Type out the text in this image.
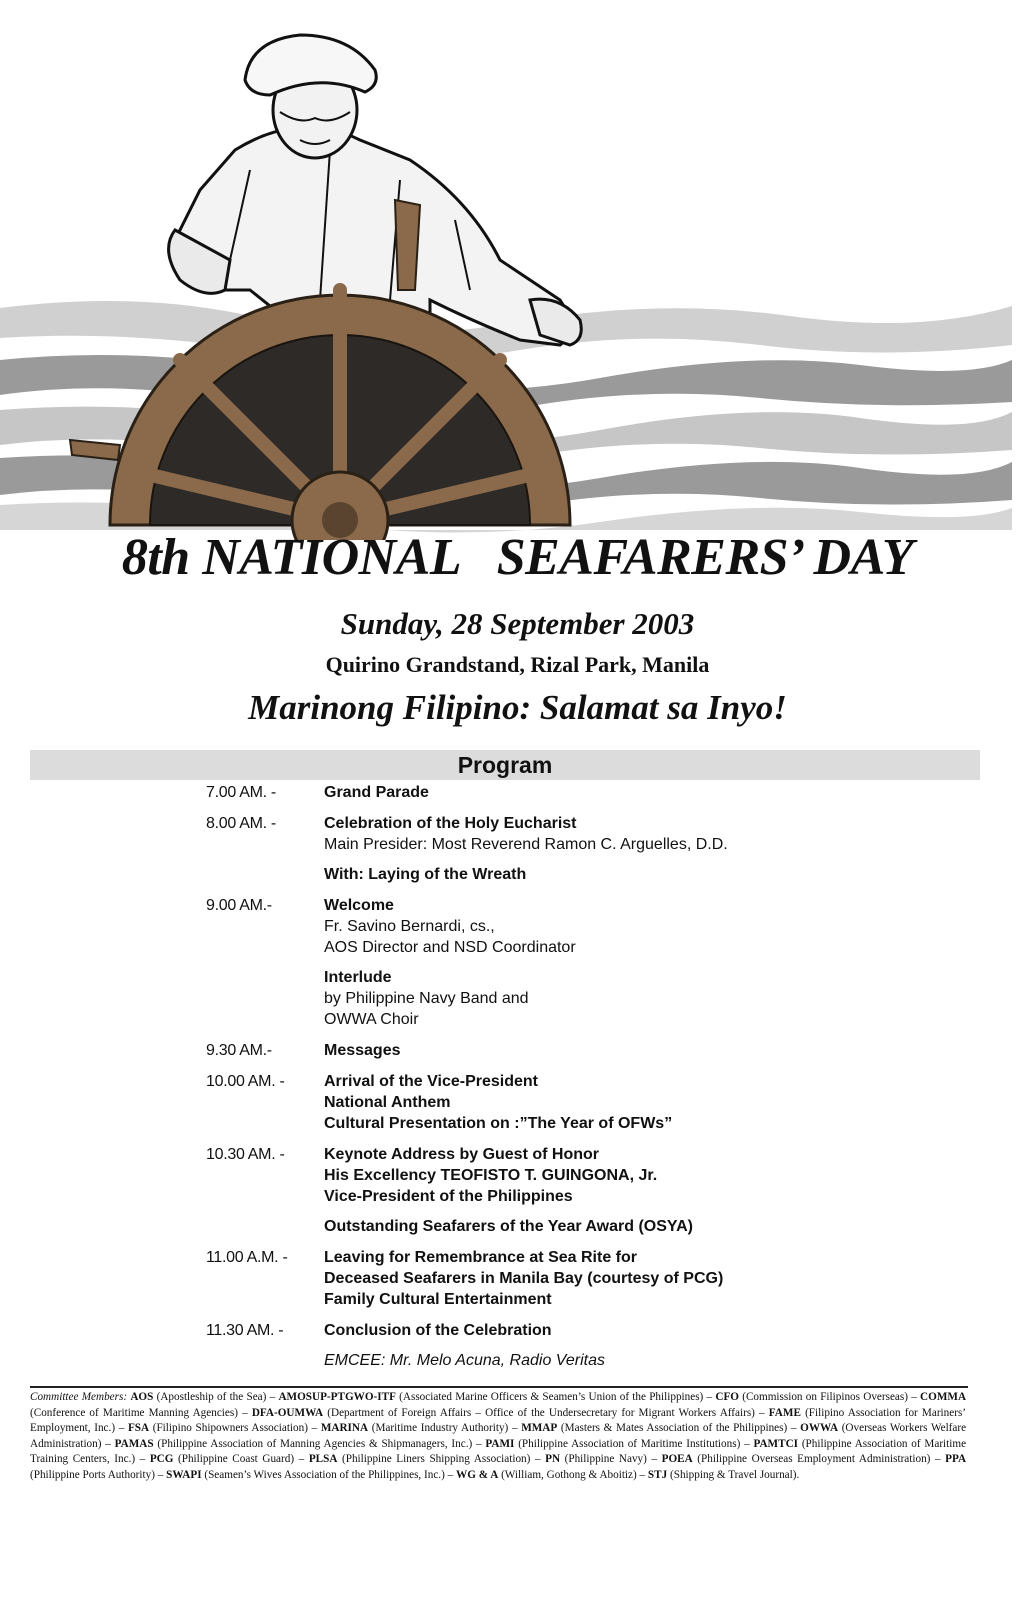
8th NATIONAL   SEAFARERS’ DAY
Sunday, 28 September 2003
Quirino Grandstand, Rizal Park, Manila
Marinong Filipino: Salamat sa Inyo!
Program
7.00 AM. -	Grand Parade
8.00 AM. -	Celebration of the Holy Eucharist
Main Presider: Most Reverend Ramon C. Arguelles, D.D.
With: Laying of the Wreath
9.00 AM.-	Welcome
Fr. Savino Bernardi, cs.,
AOS Director and NSD Coordinator
Interlude
by Philippine Navy Band and
OWWA Choir
9.30 AM.-	Messages
10.00 AM. - Arrival of the Vice-President
National Anthem
Cultural Presentation on :”The Year of OFWs”
10.30 AM. - Keynote Address by Guest of Honor
His Excellency TEOFISTO T. GUINGONA, Jr.
Vice-President of the Philippines
Outstanding Seafarers of the Year Award (OSYA)
11.00 A.M. - Leaving for Remembrance at Sea Rite for
Deceased Seafarers in Manila Bay (courtesy of PCG)
Family Cultural Entertainment
11.30 AM. -	Conclusion of the Celebration
EMCEE: Mr. Melo Acuna, Radio Veritas

Committee Members: AOS (Apostleship of the Sea) – AMOSUP-PTGWO-ITF (Associated Marine Officers & Seamen’s Union of the Philippines) – CFO (Commission on Filipinos Overseas) – COMMA (Conference of Maritime Manning Agencies) – DFA-OUMWA (Department of Foreign Affairs – Office of the Undersecretary for Migrant Workers Affairs) – FAME (Filipino Association for Mariners’ Employment, Inc.) – FSA (Filipino Shipowners Association) – MARINA (Maritime Industry Authority) – MMAP (Masters & Mates Association of the Philippines) – OWWA (Overseas Workers Welfare Administration) – PAMAS (Philippine Association of Manning Agencies & Shipmanagers, Inc.) – PAMI (Philippine Association of Maritime Institutions) – PAMTCI (Philippine Association of Maritime Training Centers, Inc.) – PCG (Philippine Coast Guard) – PLSA (Philippine Liners Shipping Association) – PN (Philippine Navy) – POEA (Philippine Overseas Employment Administration) – PPA (Philippine Ports Authority) – SWAPI (Seamen’s Wives Association of the Philippines, Inc.) – WG & A (William, Gothong & Aboitiz) – STJ (Shipping & Travel Journal).
